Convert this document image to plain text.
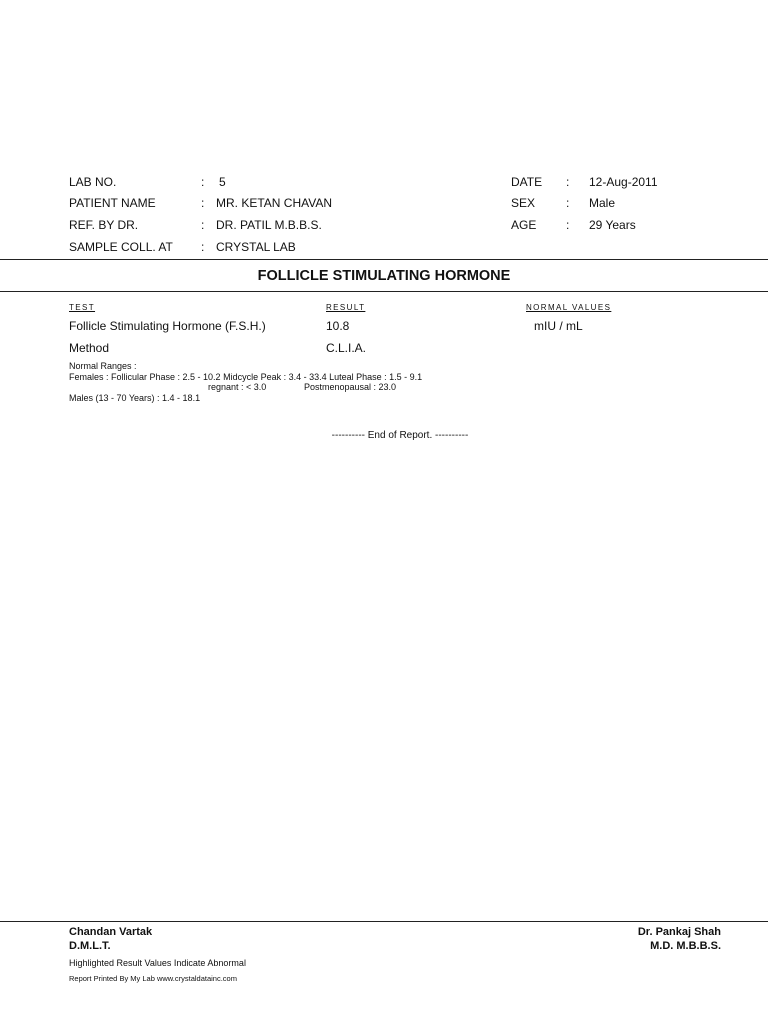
LAB NO.	: 5
PATIENT NAME	: MR. KETAN CHAVAN
REF. BY DR.	: DR. PATIL M.B.B.S.
SAMPLE COLL. AT : CRYSTAL LAB
DATE : 12-Aug-2011
SEX	: Male
AGE : 29 Years
FOLLICLE STIMULATING HORMONE
TEST	RESULT	NORMAL VALUES
Follicle Stimulating Hormone (F.S.H.)	10.8	mIU / mL
Method	C.L.I.A.
Normal Ranges :
Females : Follicular Phase : 2.5 - 10.2 Midcycle Peak : 3.4 - 33.4 Luteal Phase : 1.5 - 9.1
regnant : < 3.0	Postmenopausal : 23.0
Males (13 - 70 Years) : 1.4 - 18.1
---------- End of Report. ----------
Chandan Vartak
D.M.L.T.
Dr. Pankaj Shah
M.D. M.B.B.S.
Highlighted Result Values Indicate Abnormal
Report Printed By My Lab www.crystaldatainc.com
